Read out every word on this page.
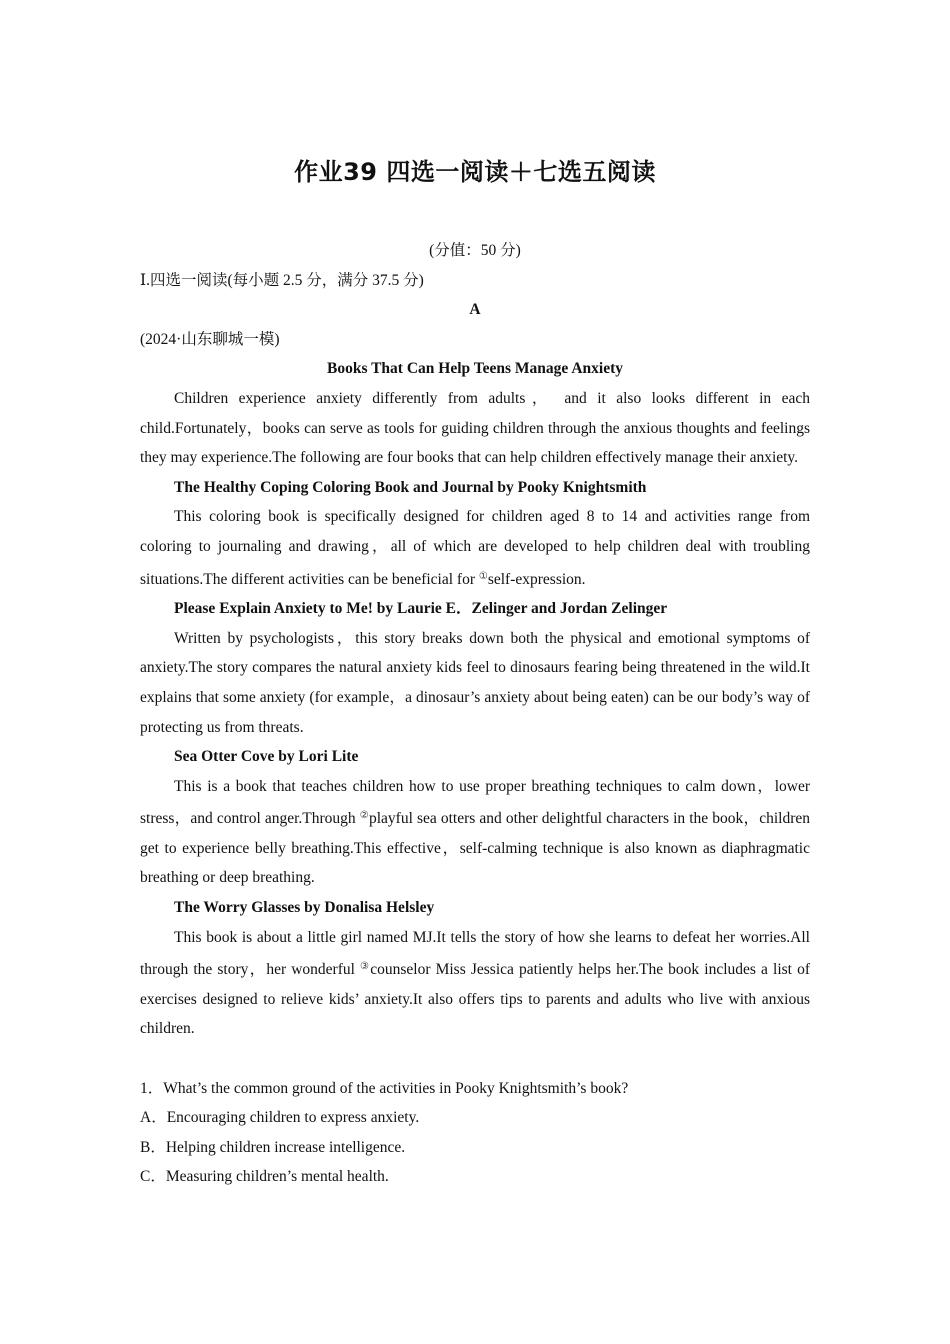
作业39 四选一阅读＋七选五阅读
(分值：50 分)
Ⅰ.四选一阅读(每小题 2.5 分，满分 37.5 分)
A
(2024·山东聊城一模)
Books That Can Help Teens Manage Anxiety

Children experience anxiety differently from adults， and it also looks different in each child.Fortunately，books can serve as tools for guiding children through the anxious thoughts and feelings they may experience.The following are four books that can help children effectively manage their anxiety.

The Healthy Coping Coloring Book and Journal by Pooky Knightsmith

This coloring book is specifically designed for children aged 8 to 14 and activities range from coloring to journaling and drawing，all of which are developed to help children deal with troubling situations.The different activities can be beneficial for ①self-expression.

Please Explain Anxiety to Me! by Laurie E．Zelinger and Jordan Zelinger

Written by psychologists，this story breaks down both the physical and emotional symptoms of anxiety.The story compares the natural anxiety kids feel to dinosaurs fearing being threatened in the wild.It explains that some anxiety (for example，a dinosaur’s anxiety about being eaten) can be our body’s way of protecting us from threats.

Sea Otter Cove by Lori Lite

This is a book that teaches children how to use proper breathing techniques to calm down，lower stress，and control anger.Through ②playful sea otters and other delightful characters in the book，children get to experience belly breathing.This effective，self-calming technique is also known as diaphragmatic breathing or deep breathing.

The Worry Glasses by Donalisa Helsley

This book is about a little girl named MJ.It tells the story of how she learns to defeat her worries.All through the story，her wonderful ③counselor Miss Jessica patiently helps her.The book includes a list of exercises designed to relieve kids’ anxiety.It also offers tips to parents and adults who live with anxious children.

1．What’s the common ground of the activities in Pooky Knightsmith’s book?
A．Encouraging children to express anxiety.
B．Helping children increase intelligence.
C．Measuring children’s mental health.
